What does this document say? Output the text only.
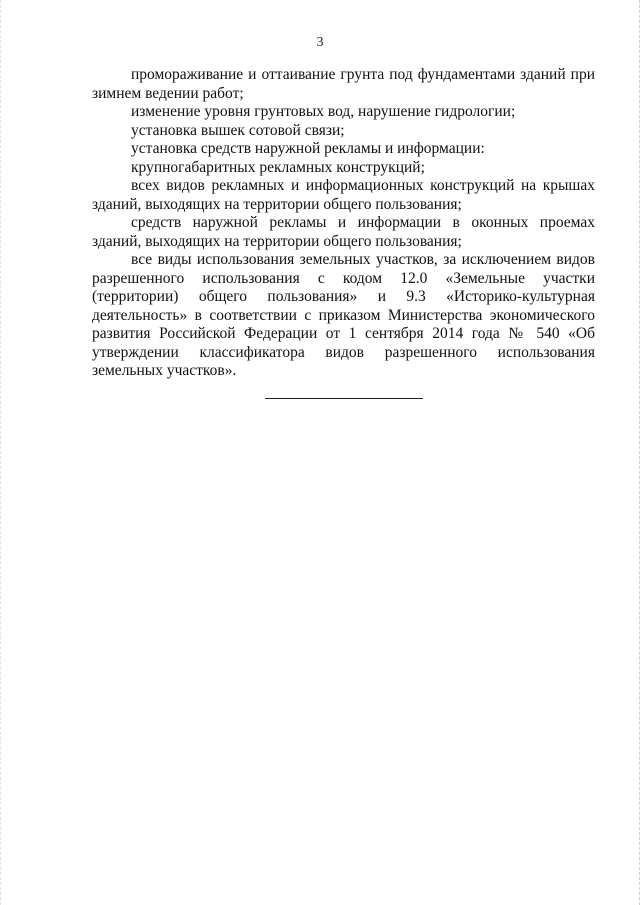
3

промораживание и оттаивание грунта под фундаментами зданий при зимнем ведении работ;

изменение уровня грунтовых вод, нарушение гидрологии;

установка вышек сотовой связи;

установка средств наружной рекламы и информации:

крупногабаритных рекламных конструкций;

всех видов рекламных и информационных конструкций на крышах зданий, выходящих на территории общего пользования;

средств наружной рекламы и информации в оконных проемах зданий, выходящих на территории общего пользования;

все виды использования земельных участков, за исключением видов разрешенного использования с кодом 12.0 «Земельные участки (территории) общего пользования» и 9.3 «Историко-культурная деятельность» в соответствии с приказом Министерства экономического развития Российской Федерации от 1 сентября 2014 года № 540 «Об утверждении классификатора видов разрешенного использования земельных участков».
